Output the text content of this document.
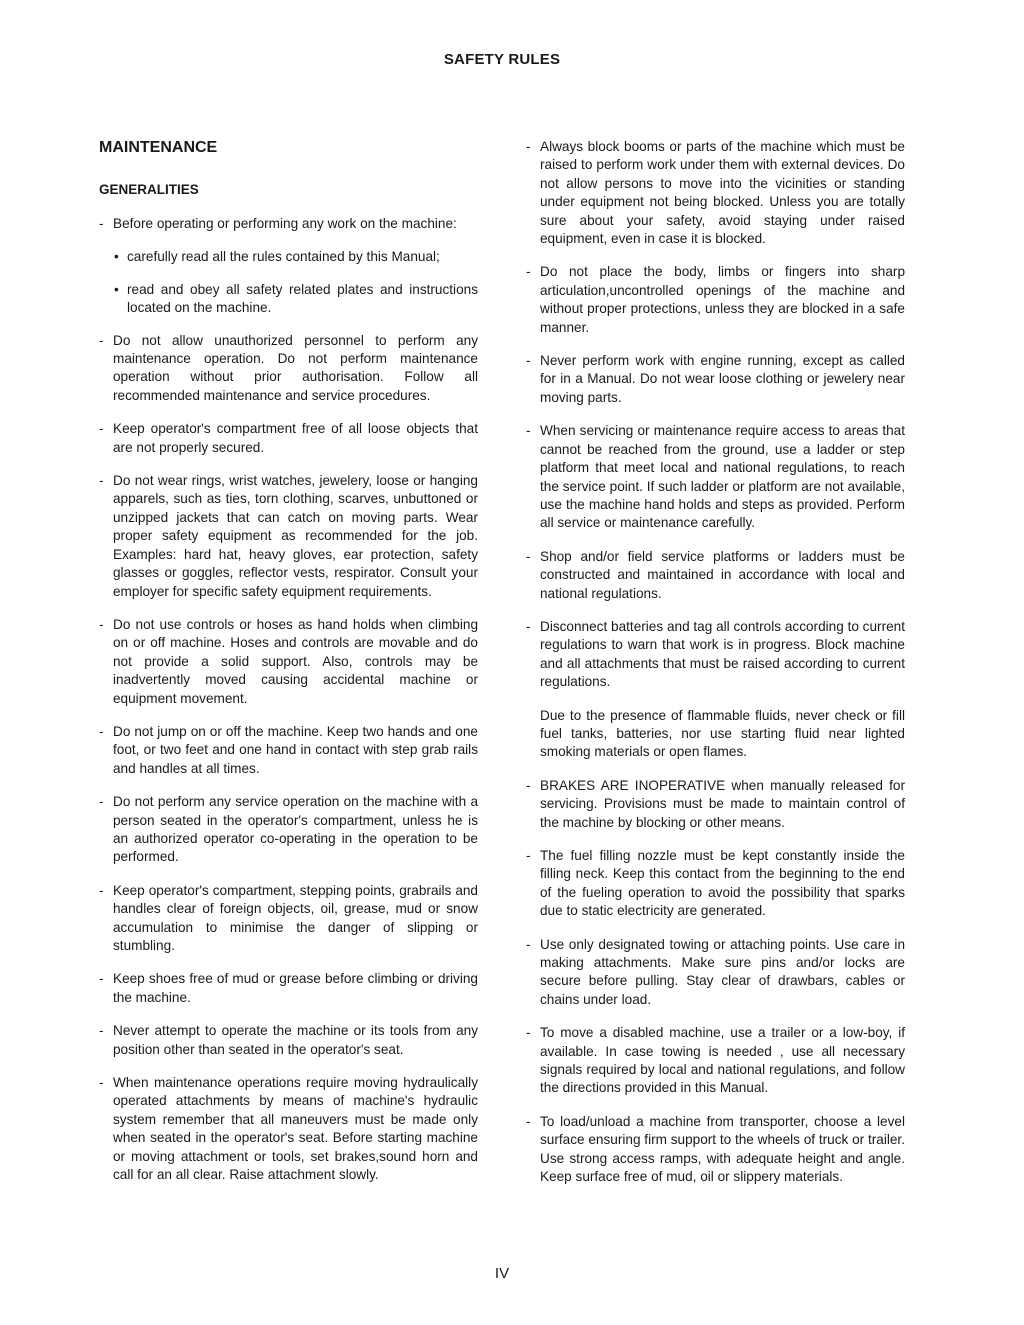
SAFETY RULES
MAINTENANCE
GENERALITIES
- Before operating or performing any work on the machine:
• carefully read all the rules contained by this Manual;
• read and obey all safety related plates and instructions located on the machine.
- Do not allow unauthorized personnel to perform any maintenance operation. Do not perform maintenance operation without prior authorisation. Follow all recommended maintenance and service procedures.
- Keep operator's compartment free of all loose objects that are not properly secured.
- Do not wear rings, wrist watches, jewelery, loose or hanging apparels, such as ties, torn clothing, scarves, unbuttoned or unzipped jackets that can catch on moving parts. Wear proper safety equipment as recommended for the job. Examples: hard hat, heavy gloves, ear protection, safety glasses or goggles, reflector vests, respirator. Consult your employer for specific safety equipment requirements.
- Do not use controls or hoses as hand holds when climbing on or off machine. Hoses and controls are movable and do not provide a solid support. Also, controls may be inadvertently moved causing accidental machine or equipment movement.
- Do not jump on or off the machine. Keep two hands and one foot, or two feet and one hand in contact with step grab rails and handles at all times.
- Do not perform any service operation on the machine with a person seated in the operator's compartment, unless he is an authorized operator co-operating in the operation to be performed.
- Keep operator's compartment, stepping points, grabrails and handles clear of foreign objects, oil, grease, mud or snow accumulation to minimise the danger of slipping or stumbling.
- Keep shoes free of mud or grease before climbing or driving the machine.
- Never attempt to operate the machine or its tools from any position other than seated in the operator's seat.
- When maintenance operations require moving hydraulically operated attachments by means of machine's hydraulic system remember that all maneuvers must be made only when seated in the operator's seat. Before starting machine or moving attachment or tools, set brakes,sound horn and call for an all clear. Raise attachment slowly.
- Always block booms or parts of the machine which must be raised to perform work under them with external devices. Do not allow persons to move into the vicinities or standing under equipment not being blocked. Unless you are totally sure about your safety, avoid staying under raised equipment, even in case it is blocked.
- Do not place the body, limbs or fingers into sharp articulation,uncontrolled openings of the machine and without proper protections, unless they are blocked in a safe manner.
- Never perform work with engine running, except as called for in a Manual. Do not wear loose clothing or jewelery near moving parts.
- When servicing or maintenance require access to areas that cannot be reached from the ground, use a ladder or step platform that meet local and national regulations, to reach the service point. If such ladder or platform are not available, use the machine hand holds and steps as provided. Perform all service or maintenance carefully.
- Shop and/or field service platforms or ladders must be constructed and maintained in accordance with local and national regulations.
- Disconnect batteries and tag all controls according to current regulations to warn that work is in progress. Block machine and all attachments that must be raised according to current regulations.
Due to the presence of flammable fluids, never check or fill fuel tanks, batteries, nor use starting fluid near lighted smoking materials or open flames.
- BRAKES ARE INOPERATIVE when manually released for servicing. Provisions must be made to maintain control of the machine by blocking or other means.
- The fuel filling nozzle must be kept constantly inside the filling neck. Keep this contact from the beginning to the end of the fueling operation to avoid the possibility that sparks due to static electricity are generated.
- Use only designated towing or attaching points. Use care in making attachments. Make sure pins and/or locks are secure before pulling. Stay clear of drawbars, cables or chains under load.
- To move a disabled machine, use a trailer or a low-boy, if available. In case towing is needed , use all necessary signals required by local and national regulations, and follow the directions provided in this Manual.
- To load/unload a machine from transporter, choose a level surface ensuring firm support to the wheels of truck or trailer. Use strong access ramps, with adequate height and angle. Keep surface free of mud, oil or slippery materials.
IV
